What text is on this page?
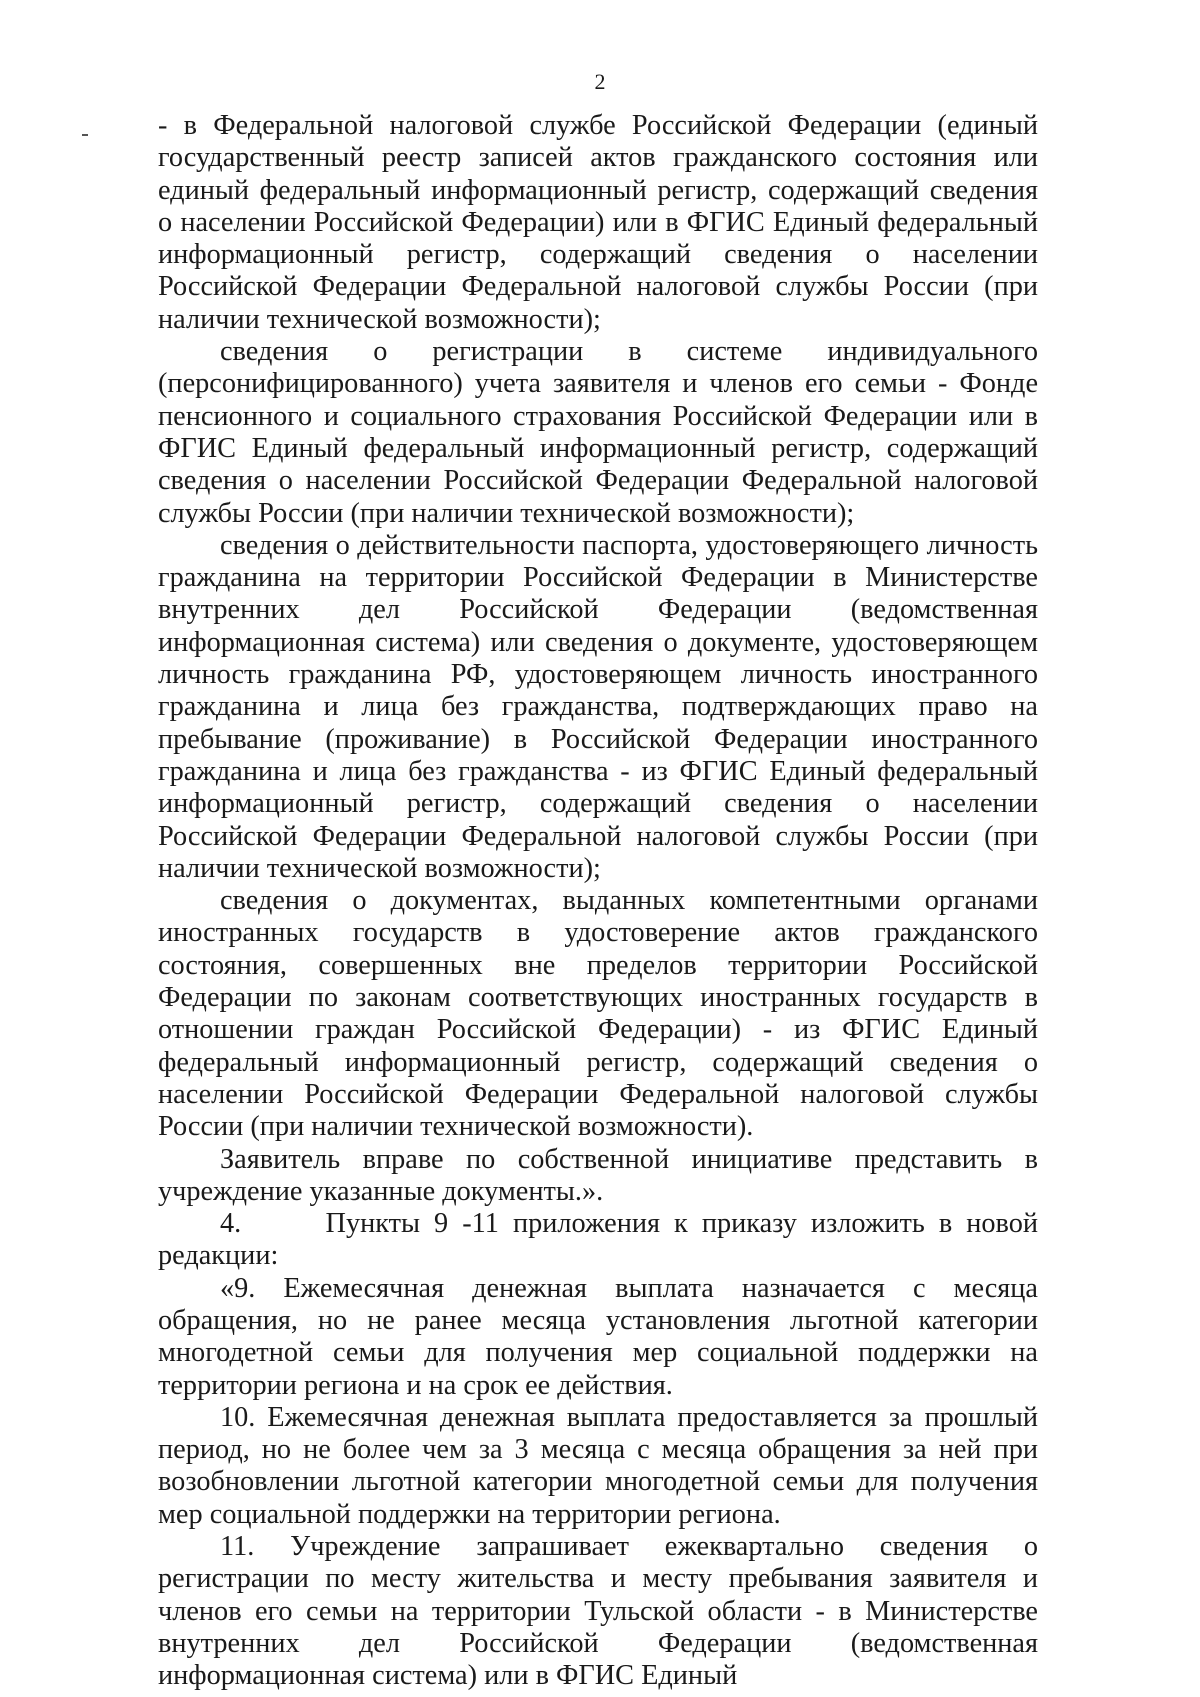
2

- в Федеральной налоговой службе Российской Федерации (единый государственный реестр записей актов гражданского состояния или единый федеральный информационный регистр, содержащий сведения о населении Российской Федерации) или в ФГИС Единый федеральный информационный регистр, содержащий сведения о населении Российской Федерации Федеральной налоговой службы России (при наличии технической возможности);

сведения о регистрации в системе индивидуального (персонифицированного) учета заявителя и членов его семьи - Фонде пенсионного и социального страхования Российской Федерации или в ФГИС Единый федеральный информационный регистр, содержащий сведения о населении Российской Федерации Федеральной налоговой службы России (при наличии технической возможности);

сведения о действительности паспорта, удостоверяющего личность гражданина на территории Российской Федерации в Министерстве внутренних дел Российской Федерации (ведомственная информационная система) или сведения о документе, удостоверяющем личность гражданина РФ, удостоверяющем личность иностранного гражданина и лица без гражданства, подтверждающих право на пребывание (проживание) в Российской Федерации иностранного гражданина и лица без гражданства - из ФГИС Единый федеральный информационный регистр, содержащий сведения о населении Российской Федерации Федеральной налоговой службы России (при наличии технической возможности);

сведения о документах, выданных компетентными органами иностранных государств в удостоверение актов гражданского состояния, совершенных вне пределов территории Российской Федерации по законам соответствующих иностранных государств в отношении граждан Российской Федерации) - из ФГИС Единый федеральный информационный регистр, содержащий сведения о населении Российской Федерации Федеральной налоговой службы России (при наличии технической возможности).

Заявитель вправе по собственной инициативе представить в учреждение указанные документы.».

4.      Пункты 9 -11 приложения к приказу изложить в новой редакции:

«9. Ежемесячная денежная выплата назначается с месяца обращения, но не ранее месяца установления льготной категории многодетной семьи для получения мер социальной поддержки на территории региона и на срок ее действия.

10. Ежемесячная денежная выплата предоставляется за прошлый период, но не более чем за 3 месяца с месяца обращения за ней при возобновлении льготной категории многодетной семьи для получения мер социальной поддержки на территории региона.

11. Учреждение запрашивает ежеквартально сведения о регистрации по месту жительства и месту пребывания заявителя и членов его семьи на территории Тульской области - в Министерстве внутренних дел Российской Федерации (ведомственная информационная система) или в ФГИС Единый
